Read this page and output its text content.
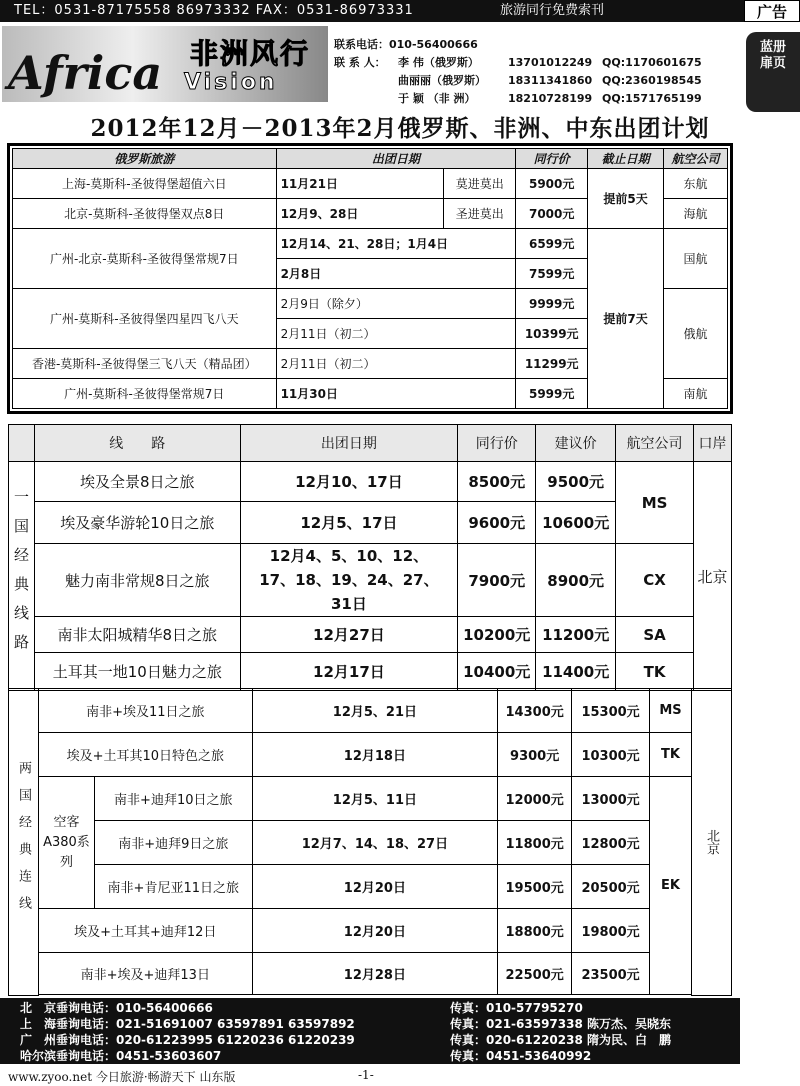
TEL：0531-87175558 86973332 FAX：0531-86973331	旅游同行免费索刊	广告
蓝册扉页
Africa 非洲风行
Vision
联系电话：010-56400666
联 系 人：	李 伟（俄罗斯）	13701012249 QQ:1170601675
曲丽丽（俄罗斯）	18311341860 QQ:2360198545
于 颖 （非 洲）	18210728199 QQ:1571765199
2012年12月－2013年2月俄罗斯、非洲、中东出团计划
俄罗斯旅游	出团日期		同行价	截止日期	航空公司
上海-莫斯科-圣彼得堡超值六日	11月21日	莫进莫出	5900元	提前5天	东航
北京-莫斯科-圣彼得堡双点8日	12月9、28日	圣进莫出	7000元		海航
广州-北京-莫斯科-圣彼得堡常规7日	12月14、21、28日；1月4日		6599元	提前7天	国航
	2月8日		7599元		
广州-莫斯科-圣彼得堡四星四飞八天	2月9日（除夕）		9999元		俄航
	2月11日（初二）		10399元		
香港-莫斯科-圣彼得堡三飞八天（精品团）	2月11日（初二）		11299元		
广州-莫斯科-圣彼得堡常规7日	11月30日		5999元		南航
	线　　路	出团日期	同行价	建议价	航空公司	口岸
一国经典线路	埃及全景8日之旅	12月10、17日	8500元	9500元	MS	北京
	埃及豪华游轮10日之旅	12月5、17日	9600元	10600元		
	魅力南非常规8日之旅	12月4、5、10、12、17、18、19、24、27、31日	7900元	8900元	CX	
	南非太阳城精华8日之旅	12月27日	10200元	11200元	SA	
	土耳其一地10日魅力之旅	12月17日	10400元	11400元	TK	
两国经典连线	南非+埃及11日之旅		12月5、21日	14300元	15300元	MS	北京
	埃及+土耳其10日特色之旅		12月18日	9300元	10300元	TK	
	空客A380系列	南非+迪拜10日之旅	12月5、11日	12000元	13000元	EK	
		南非+迪拜9日之旅	12月7、14、18、27日	11800元	12800元		
		南非+肯尼亚11日之旅	12月20日	19500元	20500元		
	埃及+土耳其+迪拜12日		12月20日	18800元	19800元		
	南非+埃及+迪拜13日		12月28日	22500元	23500元		

北　京垂询电话：010-56400666	传真：010-57795270
上　海垂询电话：021-51691007 63597891 63597892	传真：021-63597338 陈万杰、吴晓东
广　州垂询电话：020-61223995 61220236 61220239	传真：020-61220238 隋为民、白　鹏
哈尔滨垂询电话：0451-53603607	传真：0451-53640992
www.zyoo.net 今日旅游·畅游天下 山东版	-1-
